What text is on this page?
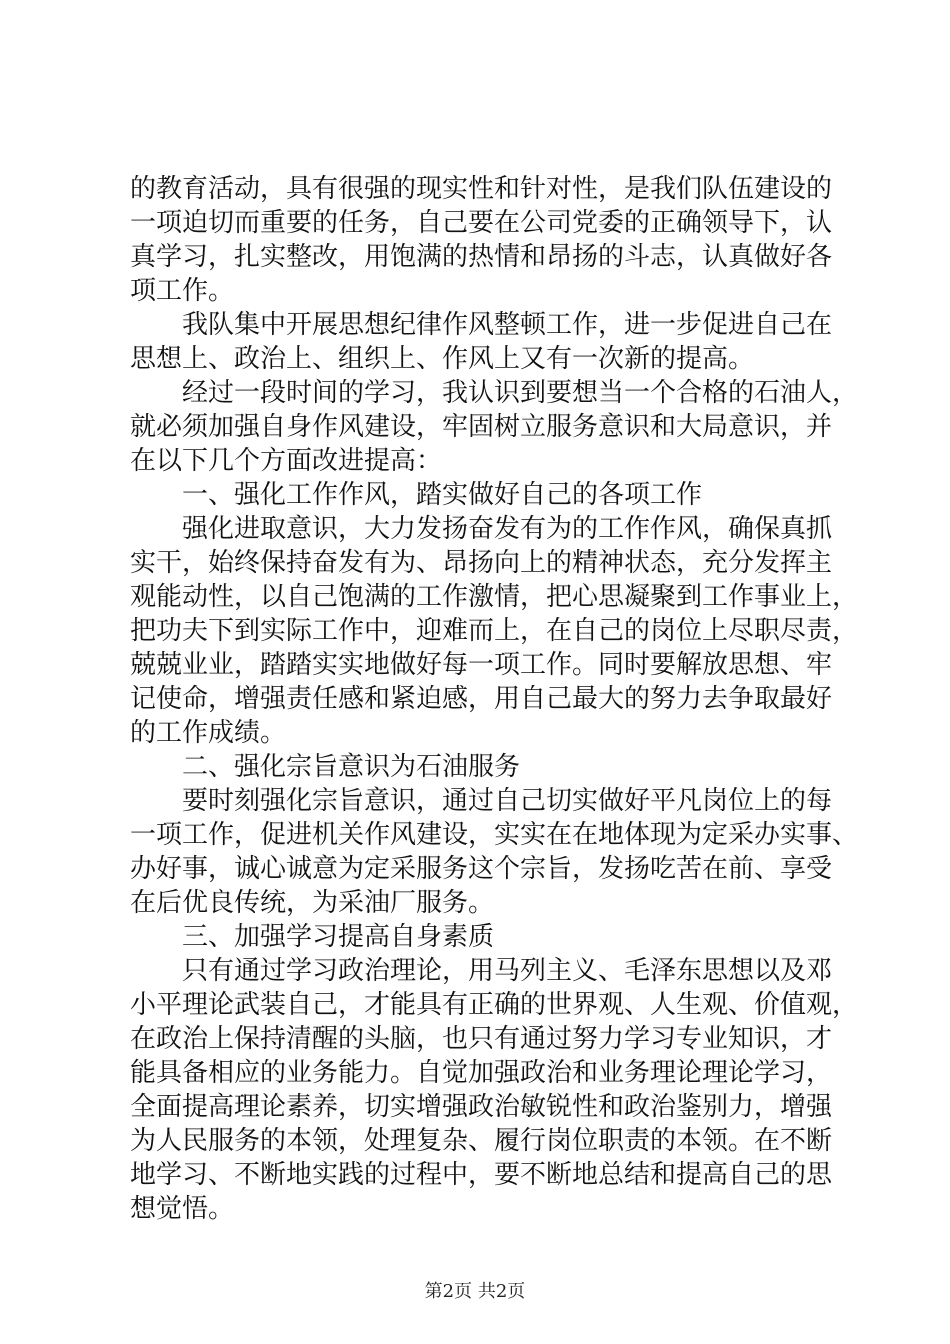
的教育活动，具有很强的现实性和针对性，是我们队伍建设的
一项迫切而重要的任务，自己要在公司党委的正确领导下，认
真学习，扎实整改，用饱满的热情和昂扬的斗志，认真做好各
项工作。
我队集中开展思想纪律作风整顿工作，进一步促进自己在
思想上、政治上、组织上、作风上又有一次新的提高。
经过一段时间的学习，我认识到要想当一个合格的石油人，
就必须加强自身作风建设，牢固树立服务意识和大局意识，并
在以下几个方面改进提高：
一、强化工作作风，踏实做好自己的各项工作
强化进取意识，大力发扬奋发有为的工作作风，确保真抓
实干，始终保持奋发有为、昂扬向上的精神状态，充分发挥主
观能动性，以自己饱满的工作激情，把心思凝聚到工作事业上，
把功夫下到实际工作中，迎难而上，在自己的岗位上尽职尽责，
兢兢业业，踏踏实实地做好每一项工作。同时要解放思想、牢
记使命，增强责任感和紧迫感，用自己最大的努力去争取最好
的工作成绩。
二、强化宗旨意识为石油服务
要时刻强化宗旨意识，通过自己切实做好平凡岗位上的每
一项工作，促进机关作风建设，实实在在地体现为定采办实事、
办好事，诚心诚意为定采服务这个宗旨，发扬吃苦在前、享受
在后优良传统，为采油厂服务。
三、加强学习提高自身素质
只有通过学习政治理论，用马列主义、毛泽东思想以及邓
小平理论武装自己，才能具有正确的世界观、人生观、价值观，
在政治上保持清醒的头脑，也只有通过努力学习专业知识，才
能具备相应的业务能力。自觉加强政治和业务理论理论学习，
全面提高理论素养，切实增强政治敏锐性和政治鉴别力，增强
为人民服务的本领，处理复杂、履行岗位职责的本领。在不断
地学习、不断地实践的过程中，要不断地总结和提高自己的思
想觉悟。
第2页 共2页
